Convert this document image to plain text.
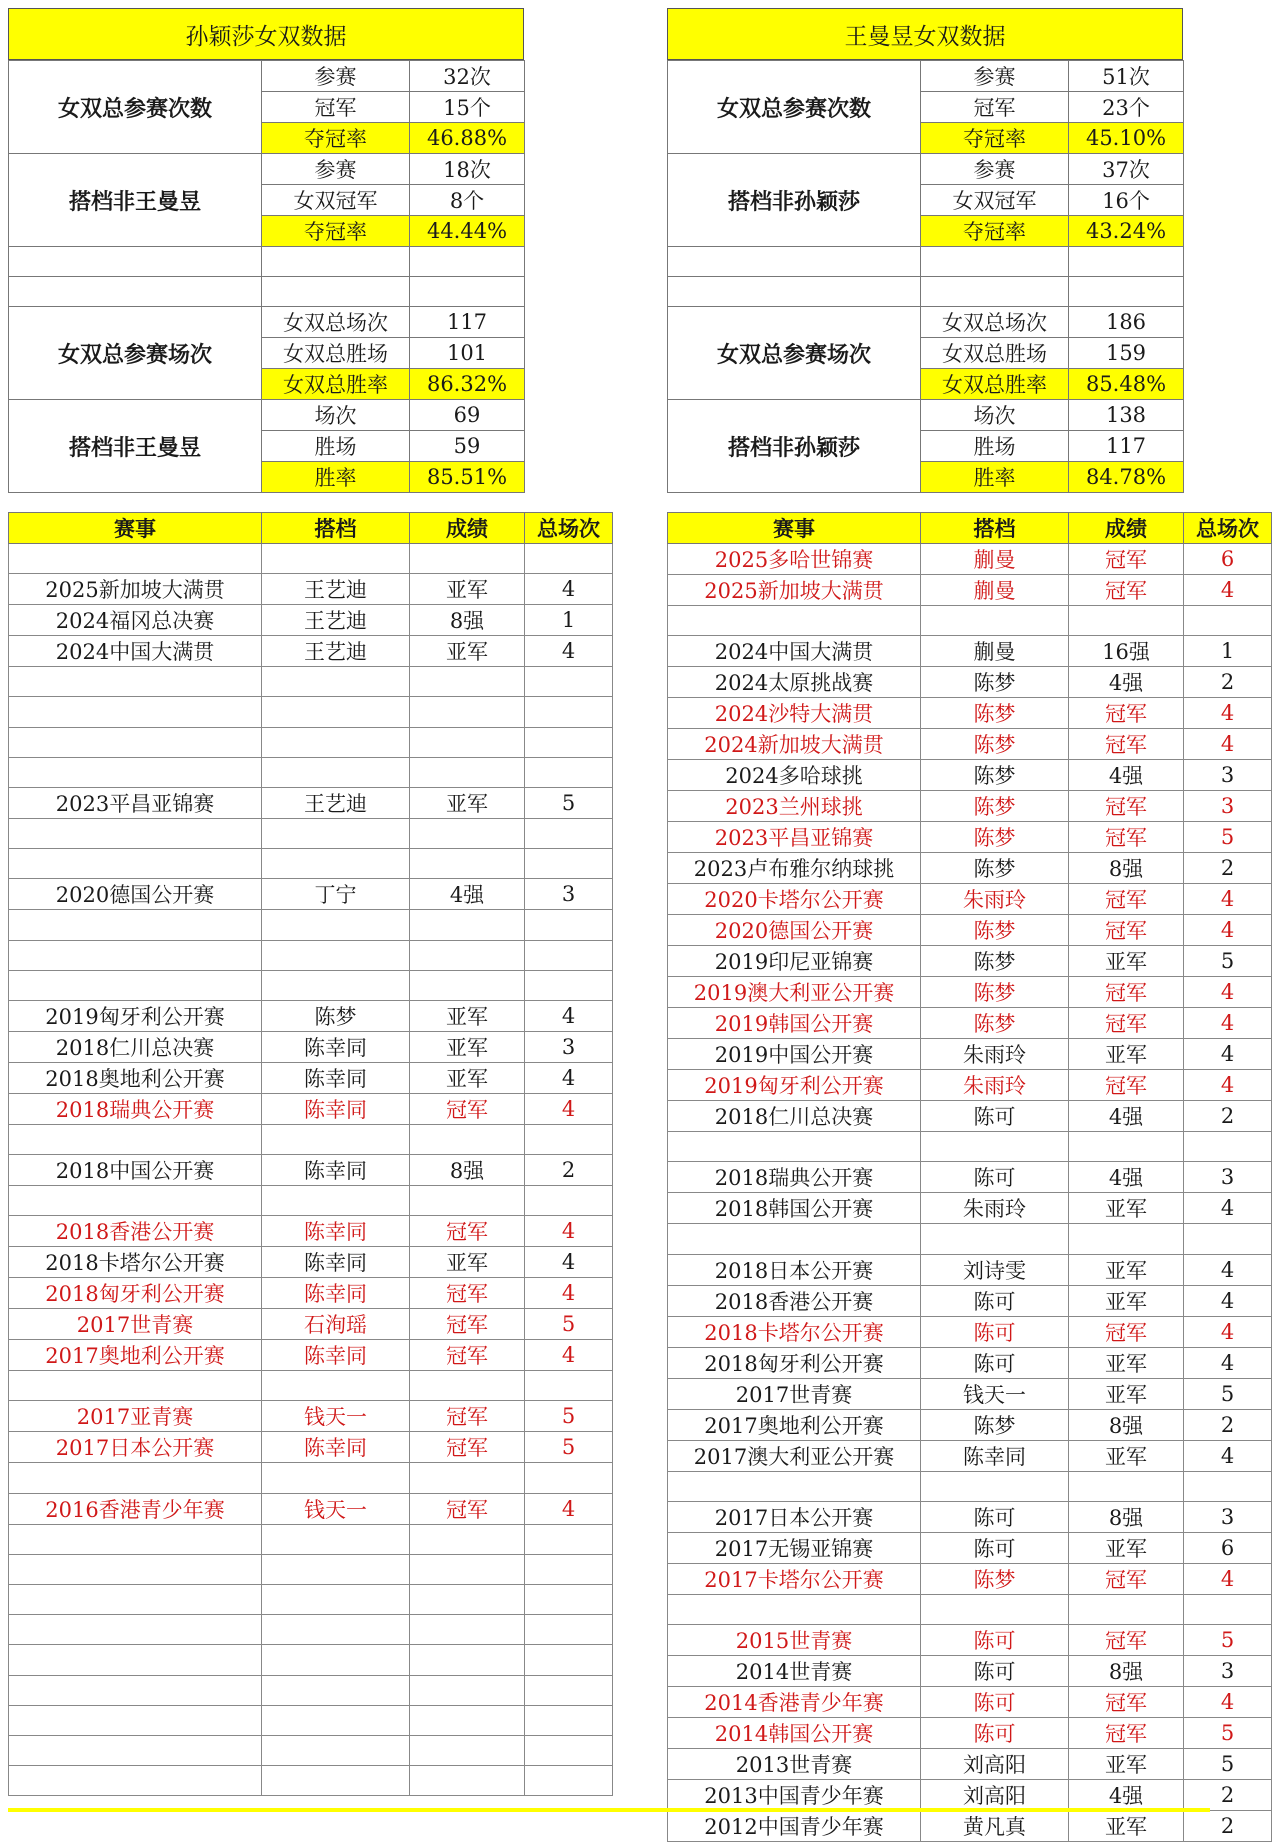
孙颖莎女双数据
女双总参赛次数	参赛	32次
	冠军	15个
	夺冠率	46.88%
搭档非王曼昱	参赛	18次
	女双冠军	8个
	夺冠率	44.44%

女双总参赛场次	女双总场次	117
	女双总胜场	101
	女双总胜率	86.32%
搭档非王曼昱	场次	69
	胜场	59
	胜率	85.51%
王曼昱女双数据
女双总参赛次数	参赛	51次
	冠军	23个
	夺冠率	45.10%
搭档非孙颖莎	参赛	37次
	女双冠军	16个
	夺冠率	43.24%

女双总参赛场次	女双总场次	186
	女双总胜场	159
	女双总胜率	85.48%
搭档非孙颖莎	场次	138
	胜场	117
	胜率	84.78%
赛事	搭档	成绩	总场次

2025新加坡大满贯	王艺迪	亚军	4
2024福冈总决赛	王艺迪	8强	1
2024中国大满贯	王艺迪	亚军	4

2023平昌亚锦赛	王艺迪	亚军	5

2020德国公开赛	丁宁	4强	3

2019匈牙利公开赛	陈梦	亚军	4
2018仁川总决赛	陈幸同	亚军	3
2018奥地利公开赛	陈幸同	亚军	4
2018瑞典公开赛	陈幸同	冠军	4

2018中国公开赛	陈幸同	8强	2

2018香港公开赛	陈幸同	冠军	4
2018卡塔尔公开赛	陈幸同	亚军	4
2018匈牙利公开赛	陈幸同	冠军	4
2017世青赛	石洵瑶	冠军	5
2017奥地利公开赛	陈幸同	冠军	4

2017亚青赛	钱天一	冠军	5
2017日本公开赛	陈幸同	冠军	5

2016香港青少年赛	钱天一	冠军	4

赛事	搭档	成绩	总场次
2025多哈世锦赛	蒯曼	冠军	6
2025新加坡大满贯	蒯曼	冠军	4

2024中国大满贯	蒯曼	16强	1
2024太原挑战赛	陈梦	4强	2
2024沙特大满贯	陈梦	冠军	4
2024新加坡大满贯	陈梦	冠军	4
2024多哈球挑	陈梦	4强	3
2023兰州球挑	陈梦	冠军	3
2023平昌亚锦赛	陈梦	冠军	5
2023卢布雅尔纳球挑	陈梦	8强	2
2020卡塔尔公开赛	朱雨玲	冠军	4
2020德国公开赛	陈梦	冠军	4
2019印尼亚锦赛	陈梦	亚军	5
2019澳大利亚公开赛	陈梦	冠军	4
2019韩国公开赛	陈梦	冠军	4
2019中国公开赛	朱雨玲	亚军	4
2019匈牙利公开赛	朱雨玲	冠军	4
2018仁川总决赛	陈可	4强	2

2018瑞典公开赛	陈可	4强	3
2018韩国公开赛	朱雨玲	亚军	4

2018日本公开赛	刘诗雯	亚军	4
2018香港公开赛	陈可	亚军	4
2018卡塔尔公开赛	陈可	冠军	4
2018匈牙利公开赛	陈可	亚军	4
2017世青赛	钱天一	亚军	5
2017奥地利公开赛	陈梦	8强	2
2017澳大利亚公开赛	陈幸同	亚军	4

2017日本公开赛	陈可	8强	3
2017无锡亚锦赛	陈可	亚军	6
2017卡塔尔公开赛	陈梦	冠军	4

2015世青赛	陈可	冠军	5
2014世青赛	陈可	8强	3
2014香港青少年赛	陈可	冠军	4
2014韩国公开赛	陈可	冠军	5
2013世青赛	刘高阳	亚军	5
2013中国青少年赛	刘高阳	4强	2
2012中国青少年赛	黄凡真	亚军	2
